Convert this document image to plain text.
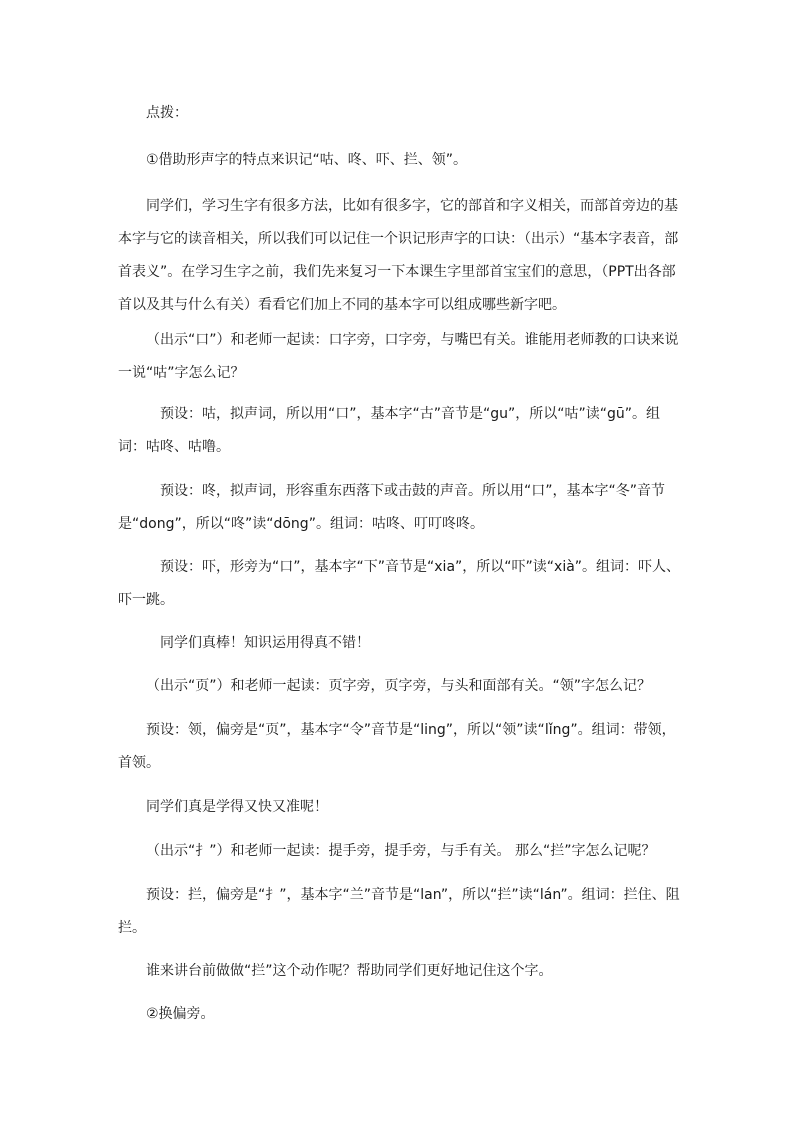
点拨：

①借助形声字的特点来识记“咕、咚、吓、拦、领”。

同学们，学习生字有很多方法，比如有很多字，它的部首和字义相关，而部首旁边的基本字与它的读音相关，所以我们可以记住一个识记形声字的口诀：（出示）“基本字表音，部首表义”。在学习生字之前，我们先来复习一下本课生字里部首宝宝们的意思，（PPT出各部首以及其与什么有关）看看它们加上不同的基本字可以组成哪些新字吧。

（出示“口”）和老师一起读：口字旁，口字旁，与嘴巴有关。谁能用老师教的口诀来说一说“咕”字怎么记？

预设：咕，拟声词，所以用“口”，基本字“古”音节是“gu”，所以“咕”读“gū”。组词：咕咚、咕噜。

预设：咚，拟声词，形容重东西落下或击鼓的声音。所以用“口”，基本字“冬”音节是“dong”，所以“咚”读“dōng”。组词：咕咚、叮叮咚咚。

预设：吓，形旁为“口”，基本字“下”音节是“xia”，所以“吓”读“xià”。组词：吓人、吓一跳。

同学们真棒！知识运用得真不错！

（出示“页”）和老师一起读：页字旁，页字旁，与头和面部有关。“领”字怎么记？

预设：领，偏旁是“页”，基本字“令”音节是“ling”，所以“领”读“lǐng”。组词：带领，首领。

同学们真是学得又快又准呢！

（出示“扌”）和老师一起读：提手旁，提手旁，与手有关。 那么“拦”字怎么记呢？

预设：拦，偏旁是“扌”，基本字“兰”音节是“lan”，所以“拦”读“lán”。组词：拦住、阻拦。

谁来讲台前做做“拦”这个动作呢？帮助同学们更好地记住这个字。

②换偏旁。
